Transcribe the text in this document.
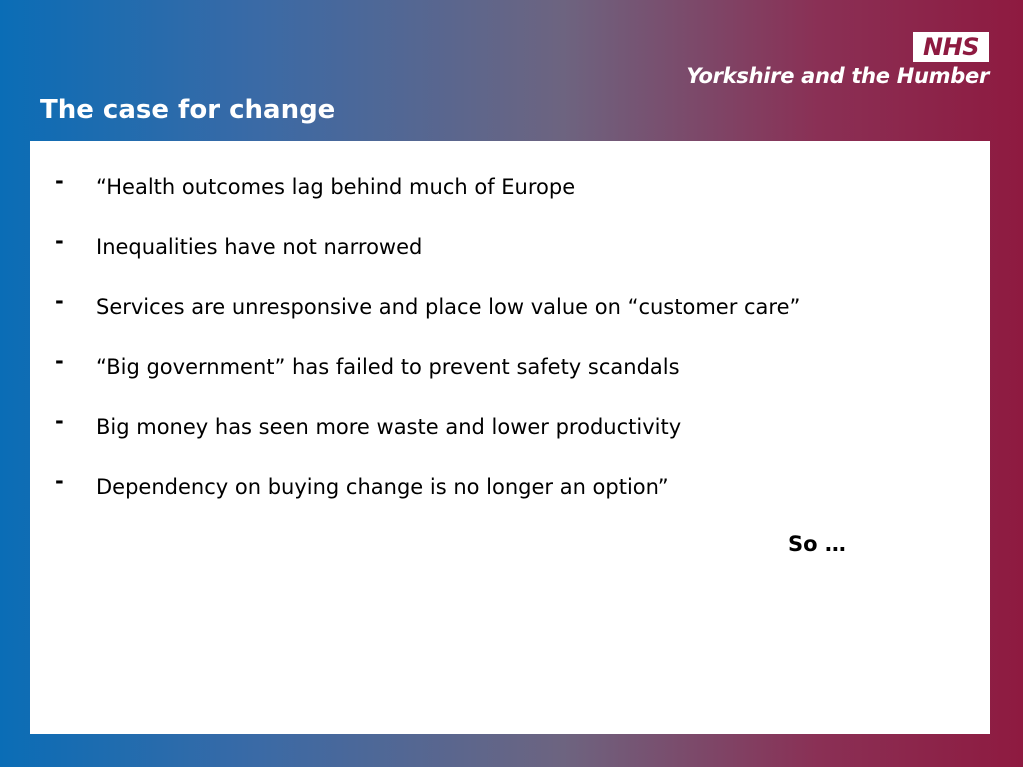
NHS
Yorkshire and the Humber
The case for change
- “Health outcomes lag behind much of Europe
- Inequalities have not narrowed
- Services are unresponsive and place low value on “customer care”
- “Big government” has failed to prevent safety scandals
- Big money has seen more waste and lower productivity
- Dependency on buying change is no longer an option”
So …
